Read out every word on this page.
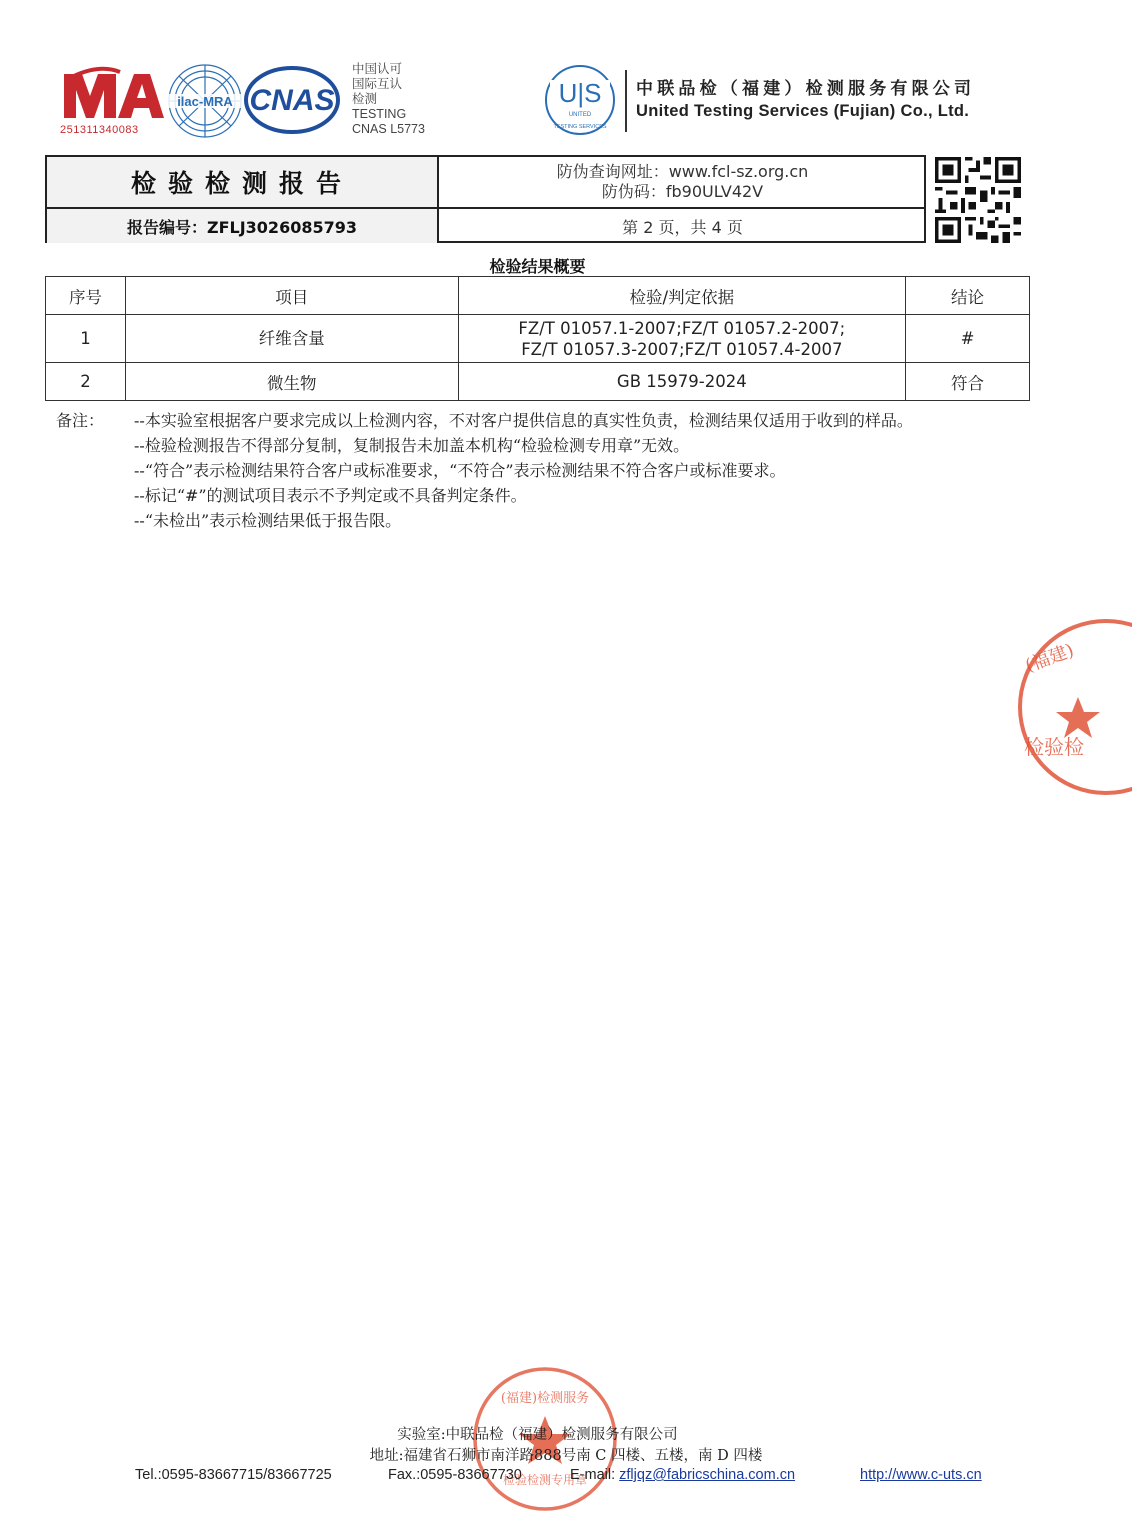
251311340083
ilac-MRA CNAS
中国认可
国际互认
检测
TESTING
CNAS L5773
U|S
UNITED
TESTING SERVICES
中联品检（福建）检测服务有限公司
United Testing Services (Fujian) Co., Ltd.
检验检测报告	防伪查询网址：www.fcl-sz.org.cn
防伪码：fb90ULV42V
报告编号：ZFLJ3026085793	第 2 页，共 4 页
检验结果概要
序号	项目	检验/判定依据	结论
1	纤维含量	FZ/T 01057.1-2007;FZ/T 01057.2-2007;
FZ/T 01057.3-2007;FZ/T 01057.4-2007	#
2	微生物	GB 15979-2024	符合
备注： --本实验室根据客户要求完成以上检测内容，不对客户提供信息的真实性负责，检测结果仅适用于收到的样品。

--检验检测报告不得部分复制，复制报告未加盖本机构“检验检测专用章”无效。

--“符合”表示检测结果符合客户或标准要求，“不符合”表示检测结果不符合客户或标准要求。

--标记“#”的测试项目表示不予判定或不具备判定条件。

--“未检出”表示检测结果低于报告限。

(福建)
检验检
(福建)检测服务
检验检测专用章
实验室:中联品检（福建）检测服务有限公司
地址:福建省石狮市南洋路888号南 C 四楼、五楼，南 D 四楼
Tel.:0595-83667715/83667725	Fax.:0595-83667730	E-mail: zfljqz@fabricschina.com.cn	http://www.c-uts.cn
